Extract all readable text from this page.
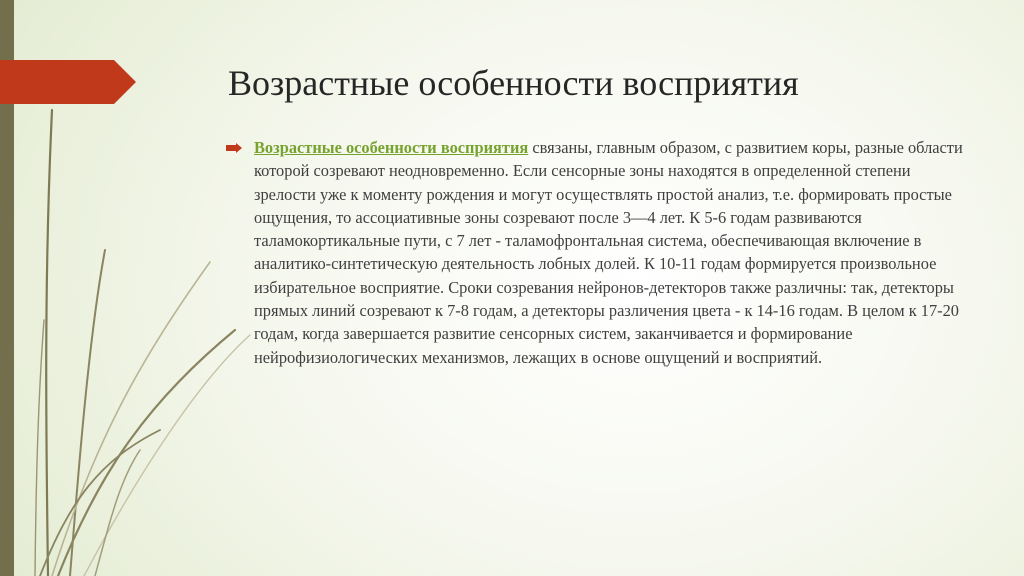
Возрастные особенности восприятия
Возрастные особенности восприятия связаны, главным образом, с развитием коры, разные области которой созревают неодновременно. Если сенсорные зоны находятся в определенной степени зрелости уже к моменту рождения и могут осуществлять простой анализ, т.е. формировать простые ощущения, то ассоциативные зоны созревают после 3—4 лет. К 5-6 годам развиваются таламокортикальные пути, с 7 лет - таламофронтальная система, обеспечивающая включение в аналитико-синтетическую деятельность лобных долей. К 10-11 годам формируется произвольное избирательное восприятие. Сроки созревания нейронов-детекторов также различны: так, детекторы прямых линий созревают к 7-8 годам, а детекторы различения цвета - к 14-16 годам. В целом к 17-20 годам, когда завершается развитие сенсорных систем, заканчивается и формирование нейрофизиологических механизмов, лежащих в основе ощущений и восприятий.
